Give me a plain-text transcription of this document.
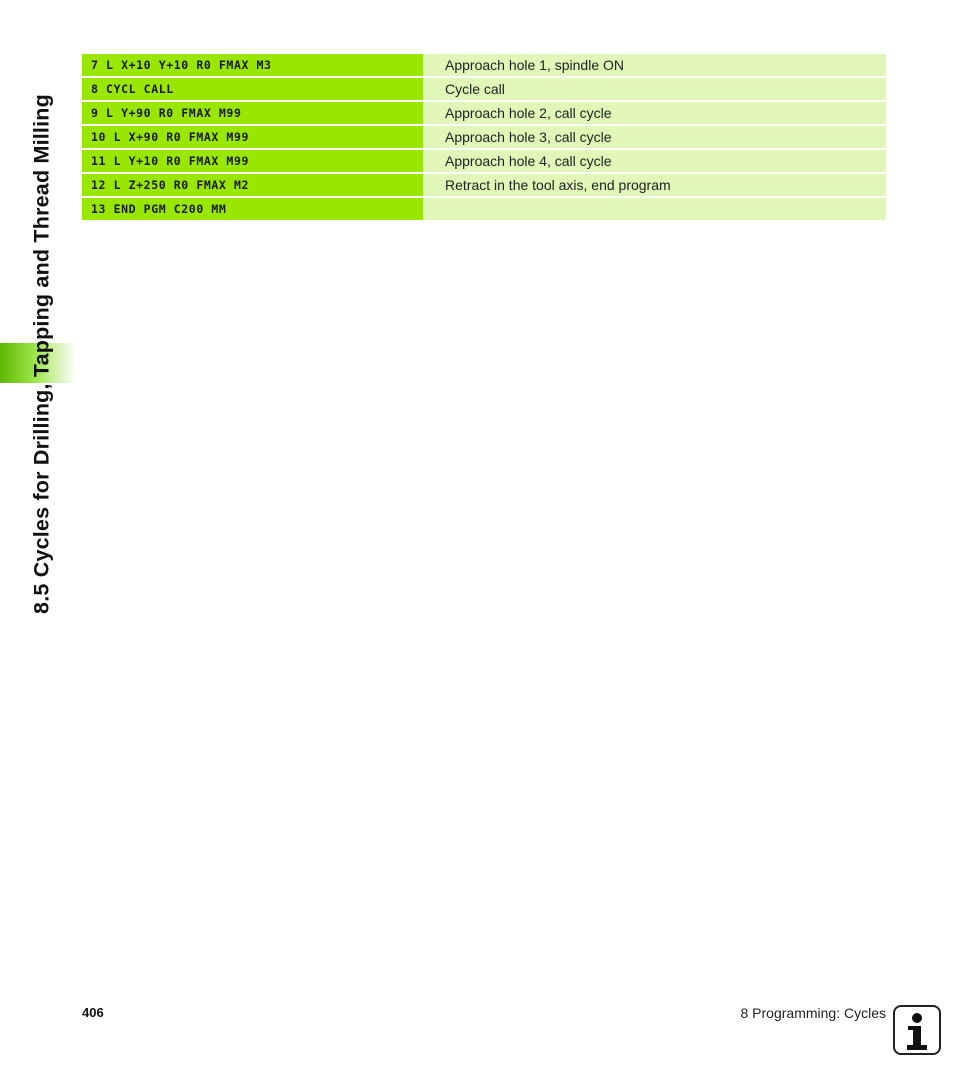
8.5 Cycles for Drilling, Tapping and Thread Milling
7 L X+10 Y+10 R0 FMAX M3	Approach hole 1, spindle ON
8 CYCL CALL	Cycle call
9 L Y+90 R0 FMAX M99	Approach hole 2, call cycle
10 L X+90 R0 FMAX M99	Approach hole 3, call cycle
11 L Y+10 R0 FMAX M99	Approach hole 4, call cycle
12 L Z+250 R0 FMAX M2	Retract in the tool axis, end program
13 END PGM C200 MM
406	8 Programming: Cycles
